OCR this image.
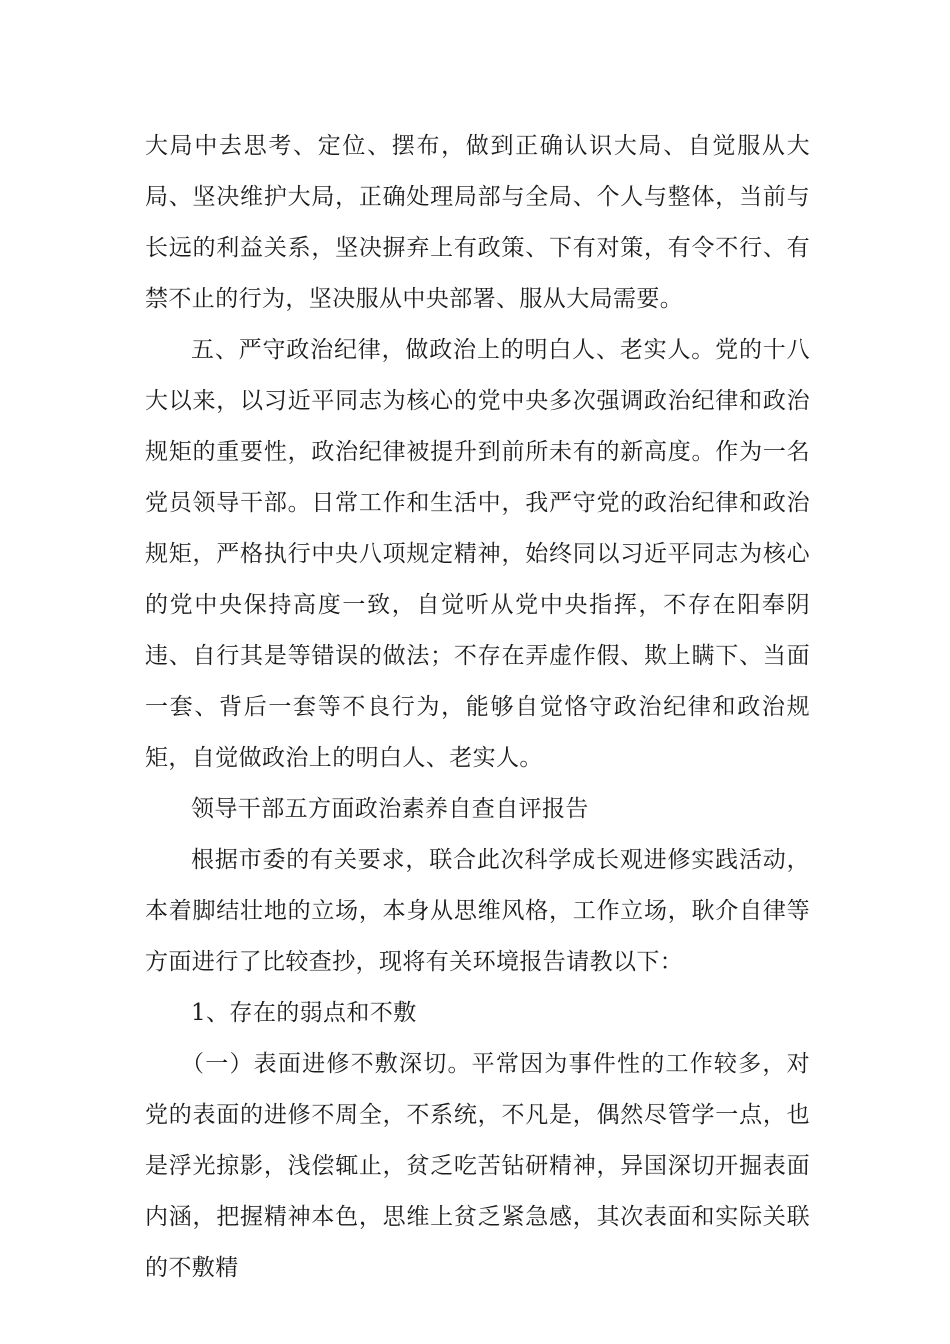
大局中去思考、定位、摆布，做到正确认识大局、自觉服从大局、坚决维护大局，正确处理局部与全局、个人与整体，当前与长远的利益关系，坚决摒弃上有政策、下有对策，有令不行、有禁不止的行为，坚决服从中央部署、服从大局需要。

五、严守政治纪律，做政治上的明白人、老实人。党的十八大以来，以习近平同志为核心的党中央多次强调政治纪律和政治规矩的重要性，政治纪律被提升到前所未有的新高度。作为一名党员领导干部。日常工作和生活中，我严守党的政治纪律和政治规矩，严格执行中央八项规定精神，始终同以习近平同志为核心的党中央保持高度一致，自觉听从党中央指挥，不存在阳奉阴违、自行其是等错误的做法；不存在弄虚作假、欺上瞒下、当面一套、背后一套等不良行为，能够自觉恪守政治纪律和政治规矩，自觉做政治上的明白人、老实人。

领导干部五方面政治素养自查自评报告

根据市委的有关要求，联合此次科学成长观进修实践活动，本着脚结壮地的立场，本身从思维风格，工作立场，耿介自律等方面进行了比较查抄，现将有关环境报告请教以下：

1、存在的弱点和不敷

（一）表面进修不敷深切。平常因为事件性的工作较多，对党的表面的进修不周全，不系统，不凡是，偶然尽管学一点，也是浮光掠影，浅偿辄止，贫乏吃苦钻研精神，异国深切开掘表面内涵，把握精神本色，思维上贫乏紧急感，其次表面和实际关联的不敷精
